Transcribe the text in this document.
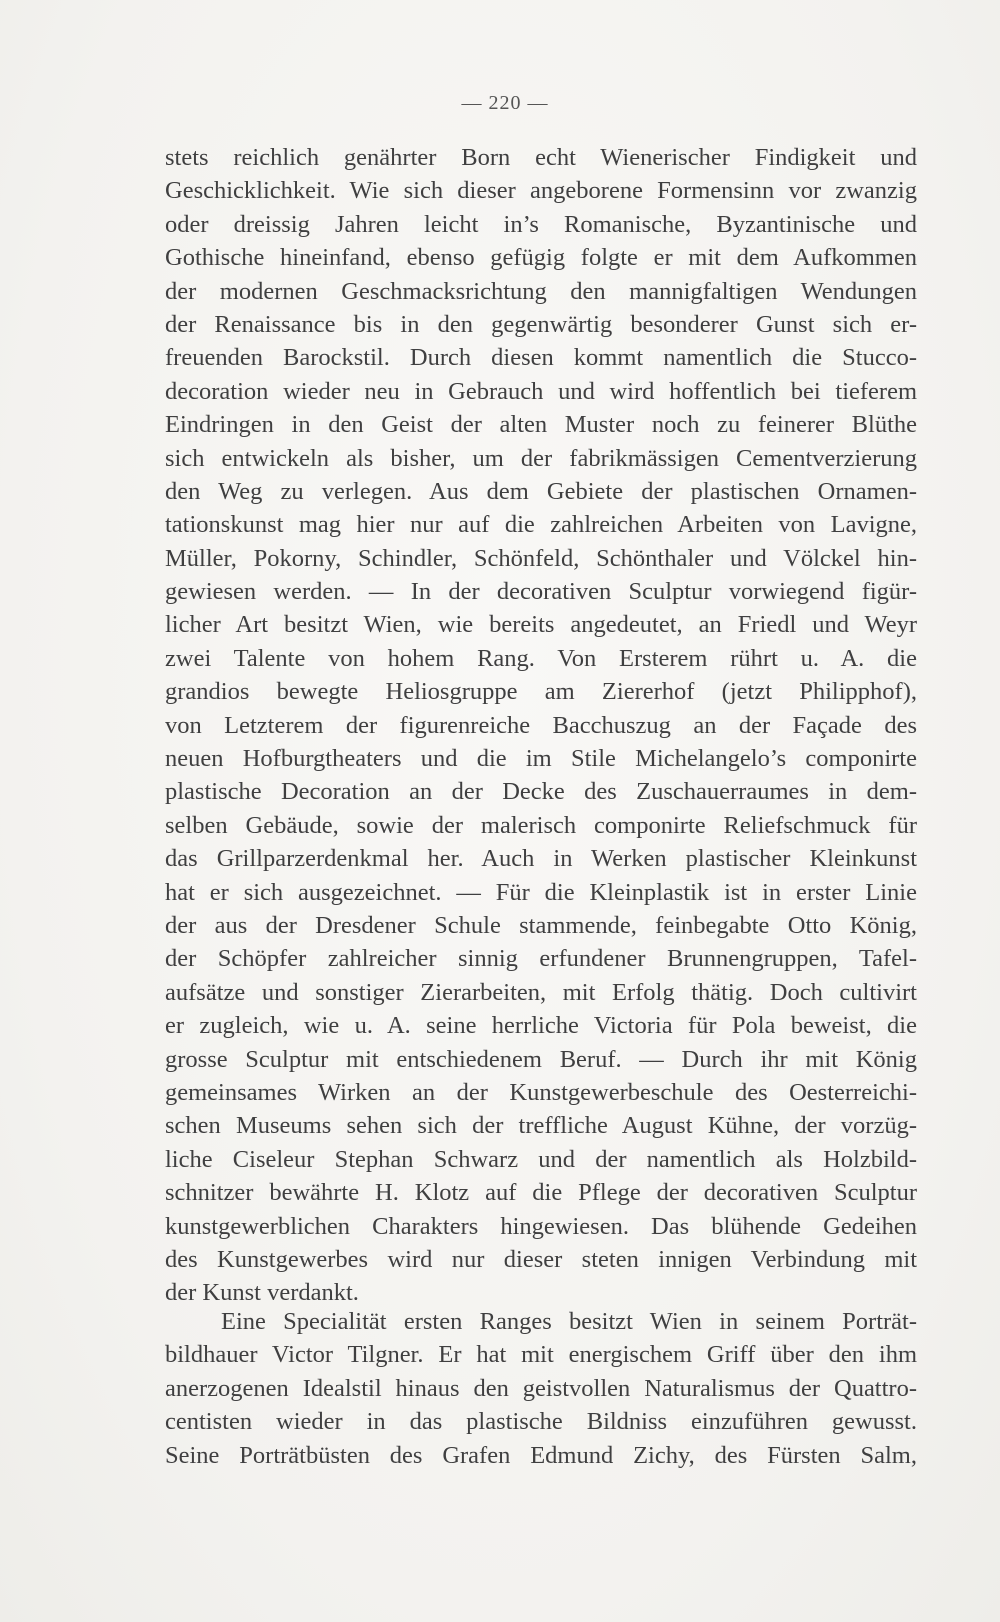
— 220 —
stets reichlich genährter Born echt Wienerischer Findigkeit und
Geschicklichkeit. Wie sich dieser angeborene Formensinn vor zwanzig
oder dreissig Jahren leicht in’s Romanische, Byzantinische und
Gothische hineinfand, ebenso gefügig folgte er mit dem Aufkommen
der modernen Geschmacksrichtung den mannigfaltigen Wendungen
der Renaissance bis in den gegenwärtig besonderer Gunst sich er-
freuenden Barockstil. Durch diesen kommt namentlich die Stucco-
decoration wieder neu in Gebrauch und wird hoffentlich bei tieferem
Eindringen in den Geist der alten Muster noch zu feinerer Blüthe
sich entwickeln als bisher, um der fabrikmässigen Cementverzierung
den Weg zu verlegen. Aus dem Gebiete der plastischen Ornamen-
tationskunst mag hier nur auf die zahlreichen Arbeiten von Lavigne,
Müller, Pokorny, Schindler, Schönfeld, Schönthaler und Völckel hin-
gewiesen werden. — In der decorativen Sculptur vorwiegend figür-
licher Art besitzt Wien, wie bereits angedeutet, an Friedl und Weyr
zwei Talente von hohem Rang. Von Ersterem rührt u. A. die
grandios bewegte Heliosgruppe am Ziererhof (jetzt Philipphof),
von Letzterem der figurenreiche Bacchuszug an der Façade des
neuen Hofburgtheaters und die im Stile Michelangelo’s componirte
plastische Decoration an der Decke des Zuschauerraumes in dem-
selben Gebäude, sowie der malerisch componirte Reliefschmuck für
das Grillparzerdenkmal her. Auch in Werken plastischer Kleinkunst
hat er sich ausgezeichnet. — Für die Kleinplastik ist in erster Linie
der aus der Dresdener Schule stammende, feinbegabte Otto König,
der Schöpfer zahlreicher sinnig erfundener Brunnengruppen, Tafel-
aufsätze und sonstiger Zierarbeiten, mit Erfolg thätig. Doch cultivirt
er zugleich, wie u. A. seine herrliche Victoria für Pola beweist, die
grosse Sculptur mit entschiedenem Beruf. — Durch ihr mit König
gemeinsames Wirken an der Kunstgewerbeschule des Oesterreichi-
schen Museums sehen sich der treffliche August Kühne, der vorzüg-
liche Ciseleur Stephan Schwarz und der namentlich als Holzbild-
schnitzer bewährte H. Klotz auf die Pflege der decorativen Sculptur
kunstgewerblichen Charakters hingewiesen. Das blühende Gedeihen
des Kunstgewerbes wird nur dieser steten innigen Verbindung mit
der Kunst verdankt.
Eine Specialität ersten Ranges besitzt Wien in seinem Porträt-
bildhauer Victor Tilgner. Er hat mit energischem Griff über den ihm
anerzogenen Idealstil hinaus den geistvollen Naturalismus der Quattro-
centisten wieder in das plastische Bildniss einzuführen gewusst.
Seine Porträtbüsten des Grafen Edmund Zichy, des Fürsten Salm,
